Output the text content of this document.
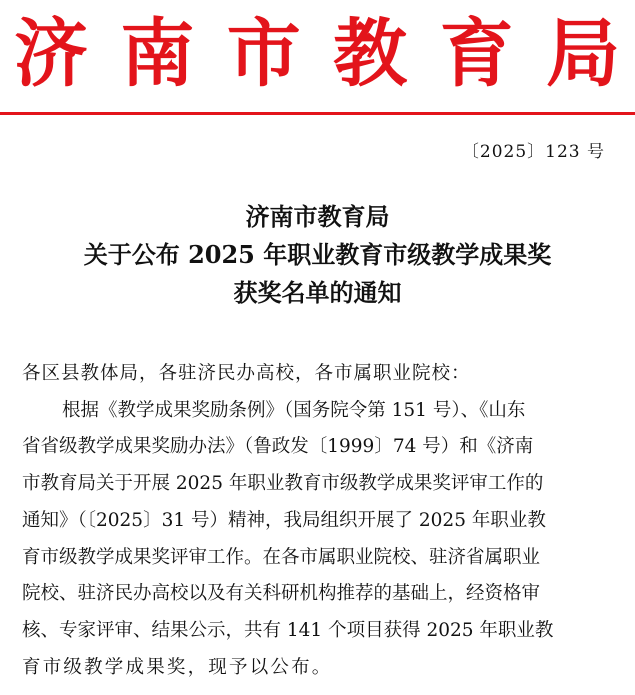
济 南 市 教 育 局
〔2025〕123 号
济南市教育局
关于公布 2025 年职业教育市级教学成果奖
获奖名单的通知
各区县教体局，各驻济民办高校，各市属职业院校：
根据《教学成果奖励条例》（国务院令第 151 号）、《山东
省省级教学成果奖励办法》（鲁政发〔1999〕74 号）和《济南
市教育局关于开展 2025 年职业教育市级教学成果奖评审工作的
通知》（〔2025〕31 号）精神，我局组织开展了 2025 年职业教
育市级教学成果奖评审工作。在各市属职业院校、驻济省属职业
院校、驻济民办高校以及有关科研机构推荐的基础上，经资格审
核、专家评审、结果公示，共有 141 个项目获得 2025 年职业教
育市级教学成果奖，现予以公布。
